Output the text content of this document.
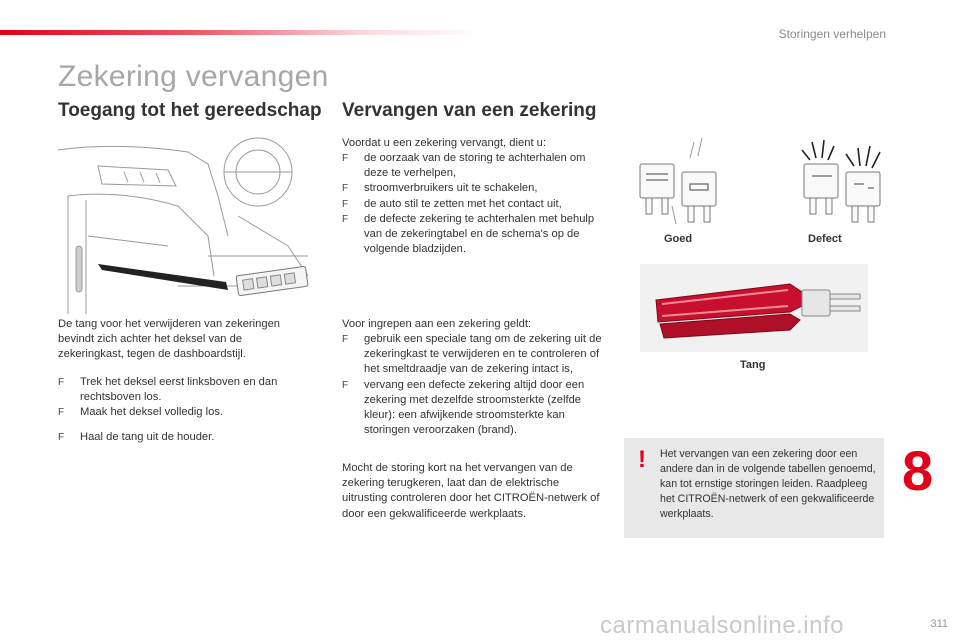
Storingen verhelpen
Zekering vervangen
Toegang tot het gereedschap Vervangen van een zekering
De tang voor het verwijderen van zekeringen bevindt zich achter het deksel van de zekeringkast, tegen de dashboardstijl.
F Trek het deksel eerst linksboven en dan rechtsboven los.
F Maak het deksel volledig los.
F Haal de tang uit de houder.
Voordat u een zekering vervangt, dient u:
F de oorzaak van de storing te achterhalen om deze te verhelpen,
F stroomverbruikers uit te schakelen,
F de auto stil te zetten met het contact uit,
F de defecte zekering te achterhalen met behulp van de zekeringtabel en de schema's op de volgende bladzijden.
Voor ingrepen aan een zekering geldt:
F gebruik een speciale tang om de zekering uit de zekeringkast te verwijderen en te controleren of het smeltdraadje van de zekering intact is,
F vervang een defecte zekering altijd door een zekering met dezelfde stroomsterkte (zelfde kleur): een afwijkende stroomsterkte kan storingen veroorzaken (brand).
Mocht de storing kort na het vervangen van de zekering terugkeren, laat dan de elektrische uitrusting controleren door het CITROËN-netwerk of door een gekwalificeerde werkplaats.
Goed	Defect
Tang
! Het vervangen van een zekering door een andere dan in de volgende tabellen genoemd, kan tot ernstige storingen leiden. Raadpleeg het CITROËN-netwerk of een gekwalificeerde werkplaats.
8
carmanualsonline.info	311
